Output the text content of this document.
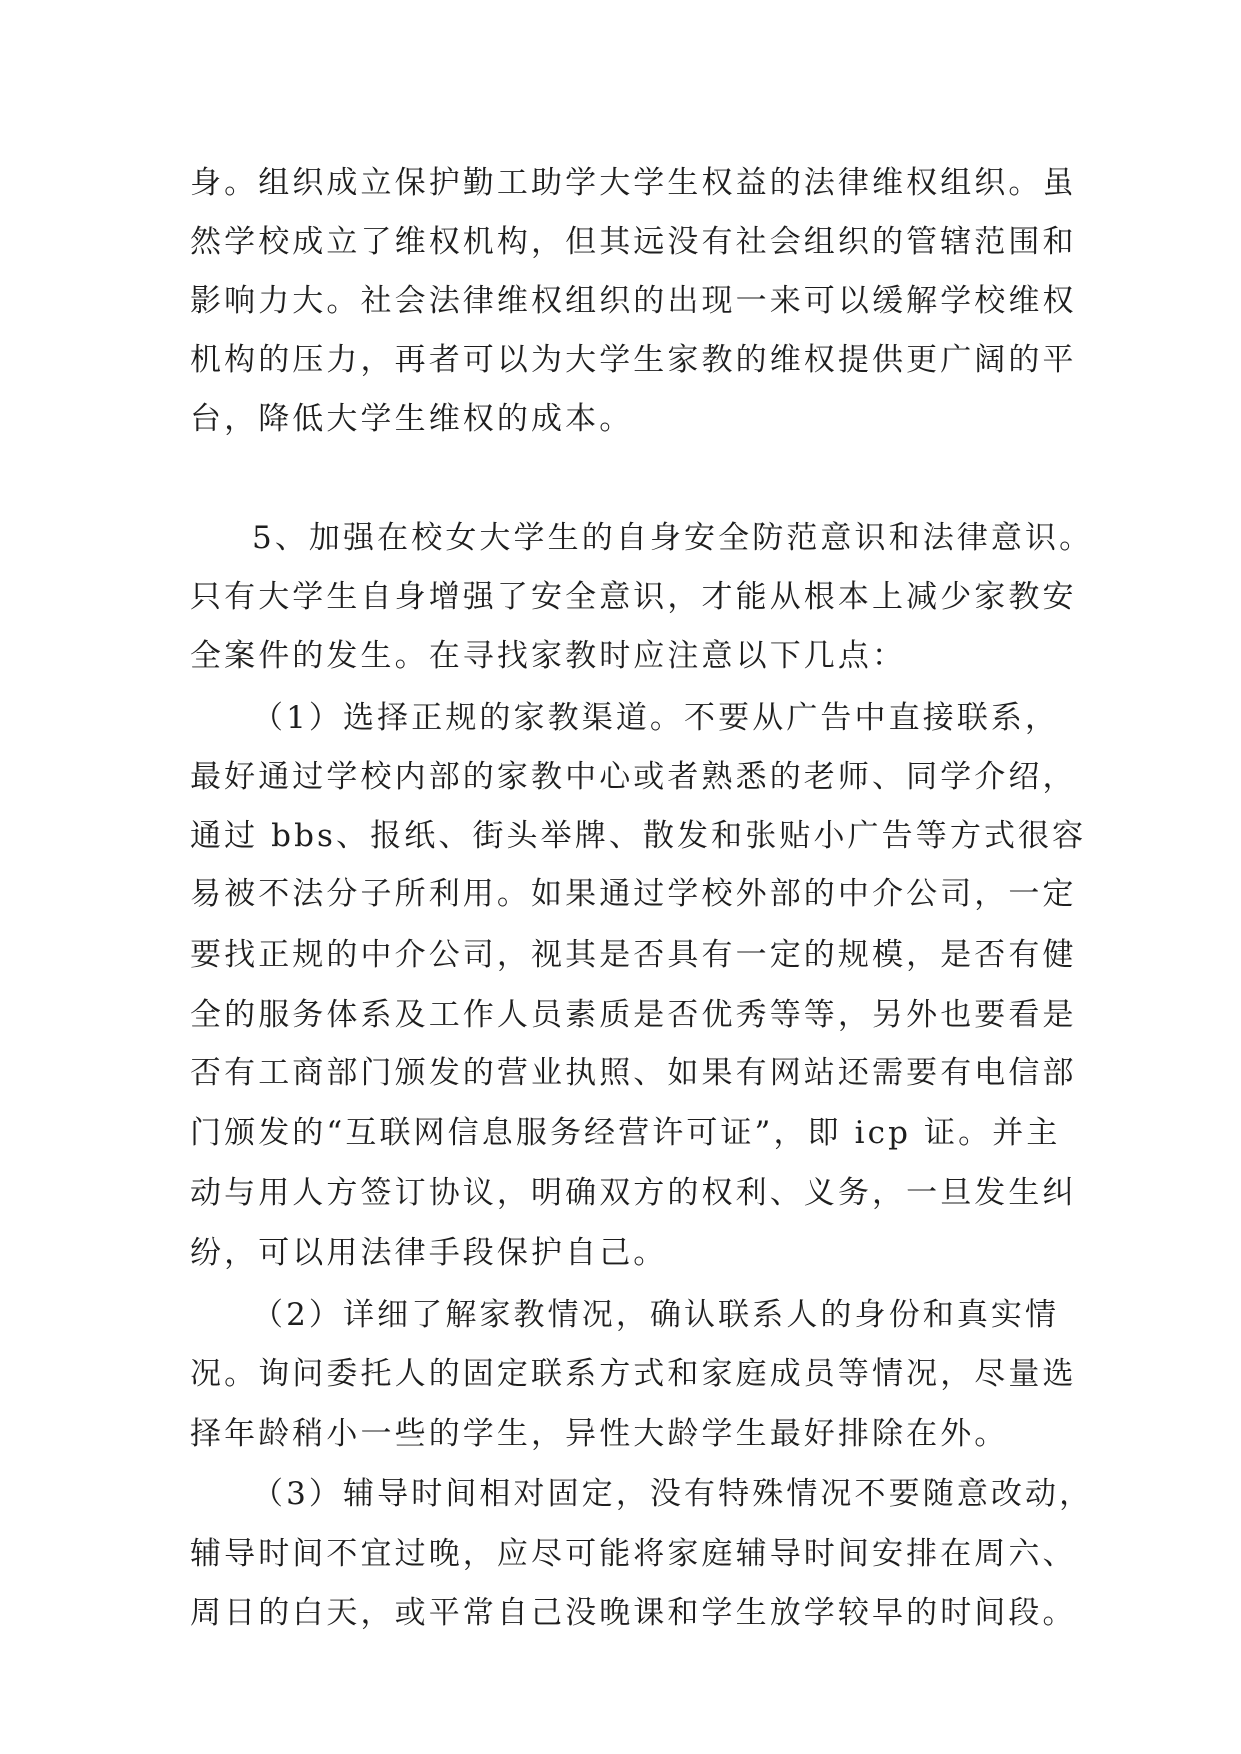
身。组织成立保护勤工助学大学生权益的法律维权组织。虽
然学校成立了维权机构，但其远没有社会组织的管辖范围和
影响力大。社会法律维权组织的出现一来可以缓解学校维权
机构的压力，再者可以为大学生家教的维权提供更广阔的平
台，降低大学生维权的成本。
5、加强在校女大学生的自身安全防范意识和法律意识。
只有大学生自身增强了安全意识，才能从根本上减少家教安
全案件的发生。在寻找家教时应注意以下几点：
（1）选择正规的家教渠道。不要从广告中直接联系，
最好通过学校内部的家教中心或者熟悉的老师、同学介绍，
通过 bbs、报纸、街头举牌、散发和张贴小广告等方式很容
易被不法分子所利用。如果通过学校外部的中介公司，一定
要找正规的中介公司，视其是否具有一定的规模，是否有健
全的服务体系及工作人员素质是否优秀等等，另外也要看是
否有工商部门颁发的营业执照、如果有网站还需要有电信部
门颁发的“互联网信息服务经营许可证”，即 icp 证。并主
动与用人方签订协议，明确双方的权利、义务，一旦发生纠
纷，可以用法律手段保护自己。
（2）详细了解家教情况，确认联系人的身份和真实情
况。询问委托人的固定联系方式和家庭成员等情况，尽量选
择年龄稍小一些的学生，异性大龄学生最好排除在外。
（3）辅导时间相对固定，没有特殊情况不要随意改动，
辅导时间不宜过晚，应尽可能将家庭辅导时间安排在周六、
周日的白天，或平常自己没晚课和学生放学较早的时间段。
